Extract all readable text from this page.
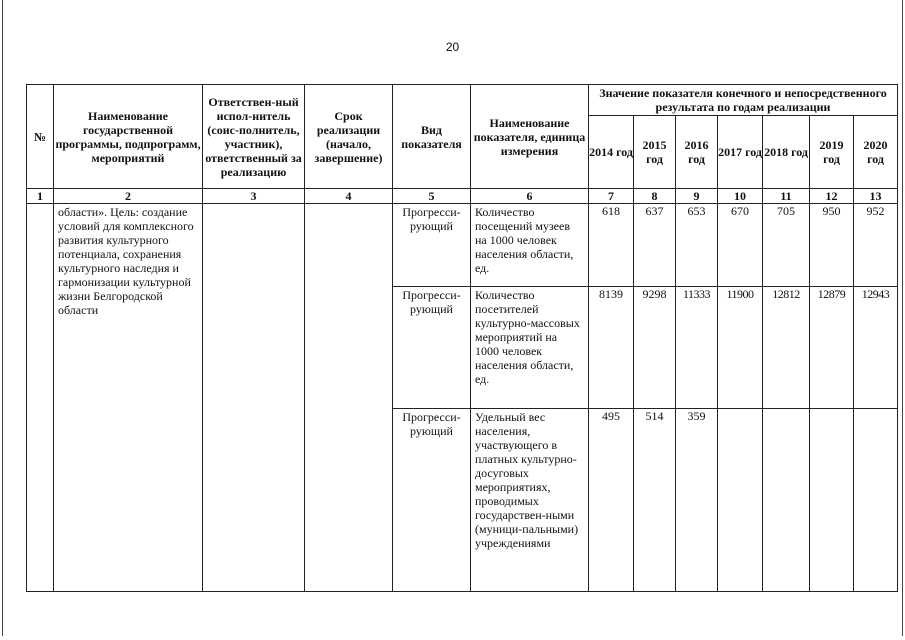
20
№	Наименование государственной программы, подпрограмм, мероприятий	Ответствен-ный испол-нитель (соис-полнитель, участник), ответственный за реализацию	Срок реализации (начало, завершение)	Вид показателя	Наименование показателя, единица измерения	Значение показателя конечного и непосредственного результата по годам реализации						
						2014 год	2015 год	2016 год	2017 год	2018 год	2019 год	2020 год
1	2	3	4	5	6	7	8	9	10	11	12	13
	области». Цель: создание условий для комплексного развития культурного потенциала, сохранения культурного наследия и гармонизации культурной жизни Белгородской области			Прогресси-рующий	Количество посещений музеев на 1000 человек населения области, ед.	618	637	653	670	705	950	952
				Прогресси-рующий	Количество посетителей культурно-массовых мероприятий на 1000 человек населения области, ед.	8139	9298	11333	11900	12812	12879	12943
				Прогресси-рующий	Удельный вес населения, участвующего в платных культурно-досуговых мероприятиях, проводимых государствен-ными (муници-пальными) учреждениями	495	514	359				
